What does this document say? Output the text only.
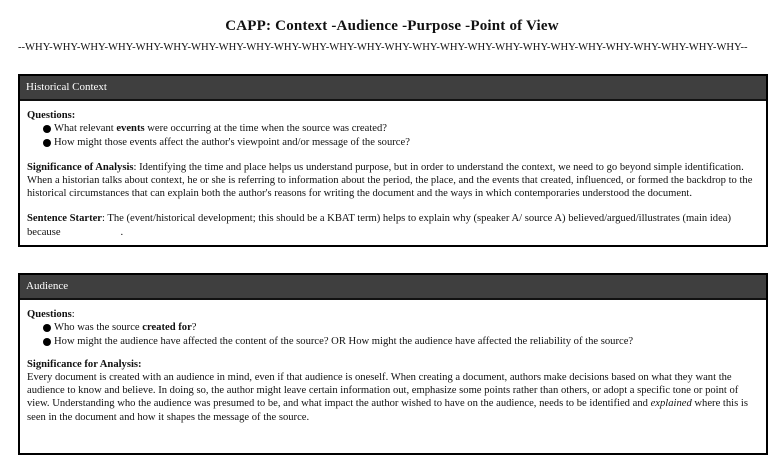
CAPP: Context -Audience -Purpose -Point of View
--WHY-WHY-WHY-WHY-WHY-WHY-WHY-WHY-WHY-WHY-WHY-WHY-WHY-WHY-WHY-WHY-WHY-WHY-WHY-WHY-WHY-WHY-WHY-WHY-WHY-WHY--
Historical Context
Questions:
What relevant events were occurring at the time when the source was created?
How might those events affect the author's viewpoint and/or message of the source?

Significance of Analysis: Identifying the time and place helps us understand purpose, but in order to understand the context, we need to go beyond simple identification. When a historian talks about context, he or she is referring to information about the period, the place, and the events that created, influenced, or formed the backdrop to the historical circumstances that can explain both the author's reasons for writing the document and the ways in which contemporaries understood the document.

Sentence Starter: The (event/historical development; this should be a KBAT term) helps to explain why (speaker A/ source A) believed/argued/illustrates (main idea) because	.

Audience
Questions:
Who was the source created for?
How might the audience have affected the content of the source? OR How might the audience have affected the reliability of the source?

Significance for Analysis:

Every document is created with an audience in mind, even if that audience is oneself. When creating a document, authors make decisions based on what they want the audience to know and believe. In doing so, the author might leave certain information out, emphasize some points rather than others, or adopt a specific tone or point of view. Understanding who the audience was presumed to be, and what impact the author wished to have on the audience, needs to be identified and explained where this is seen in the document and how it shapes the message of the source.
